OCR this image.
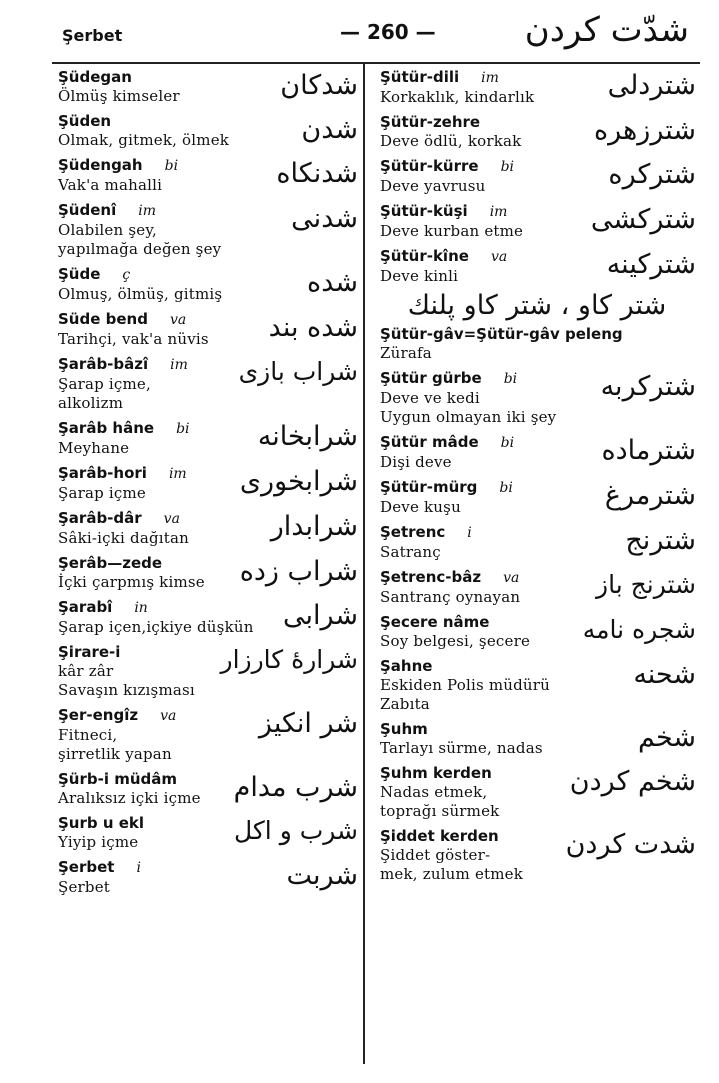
Şerbet	— 260 —	شدّت كردن
Şüdegan
Ölmüş kimseler	شدكان
Şüden
Olmak, gitmek, ölmek	شدن
Şüdengah bi
Vak'a mahalli	شدنكاه
Şüdenî im
Olabilen şey,
yapılmağa değen şey
شدنى
Şüde ç
Olmuş, ölmüş, gitmiş	شده
Süde bend va
Tarihçi, vak'a nüvis	شده بند
Şarâb-bâzî im
Şarap içme,
alkolizm
شراب بازى
Şarâb hâne bi
Meyhane	شرابخانه
Şarâb-hori im
Şarap içme	شرابخورى
Şarâb-dâr va
Sâki-içki dağıtan	شرابدار
Şerâb—zede
İçki çarpmış kimse	شراب زده
Şarabî in
Şarap içen,içkiye düşkün	شرابى
Şirare-i
kâr zâr
Savaşın kızışması
شرارۀ كارزار
Şer-engîz va
Fitneci,
şirretlik yapan
شر انكيز
Şürb-i müdâm
Aralıksız içki içme	شرب مدام
Şurb u ekl
Yiyip içme	شرب و اكل
Şerbet i
Şerbet	شربت
Şütür-dili im
Korkaklık, kindarlık	شتردلى
Şütür-zehre
Deve ödlü, korkak	شترزهره
Şütür-kürre bi
Deve yavrusu	شتركره
Şütür-küşi im
Deve kurban etme	شتركشى
Şütür-kîne va
Deve kinli	شتركينه
شتر كاو ، شتر كاو پلنك
Şütür-gâv=Şütür-gâv peleng
Zürafa
Şütür gürbe bi
Deve ve kedi
Uygun olmayan iki şey
شتركربه
Şütür mâde bi
Dişi deve	شترماده
Şütür-mürg bi
Deve kuşu	شترمرغ
Şetrenc i
Satranç	شترنج
Şetrenc-bâz va
Santranç oynayan	شترنج باز
Şecere nâme
Soy belgesi, şecere	شجره نامه
Şahne
Eskiden Polis müdürü
Zabıta
شحنه
Şuhm
Tarlayı sürme, nadas	شخم
Şuhm kerden
Nadas etmek,
toprağı sürmek
شخم كردن
Şiddet kerden
Şiddet göster-
mek, zulum etmek
شدت كردن
